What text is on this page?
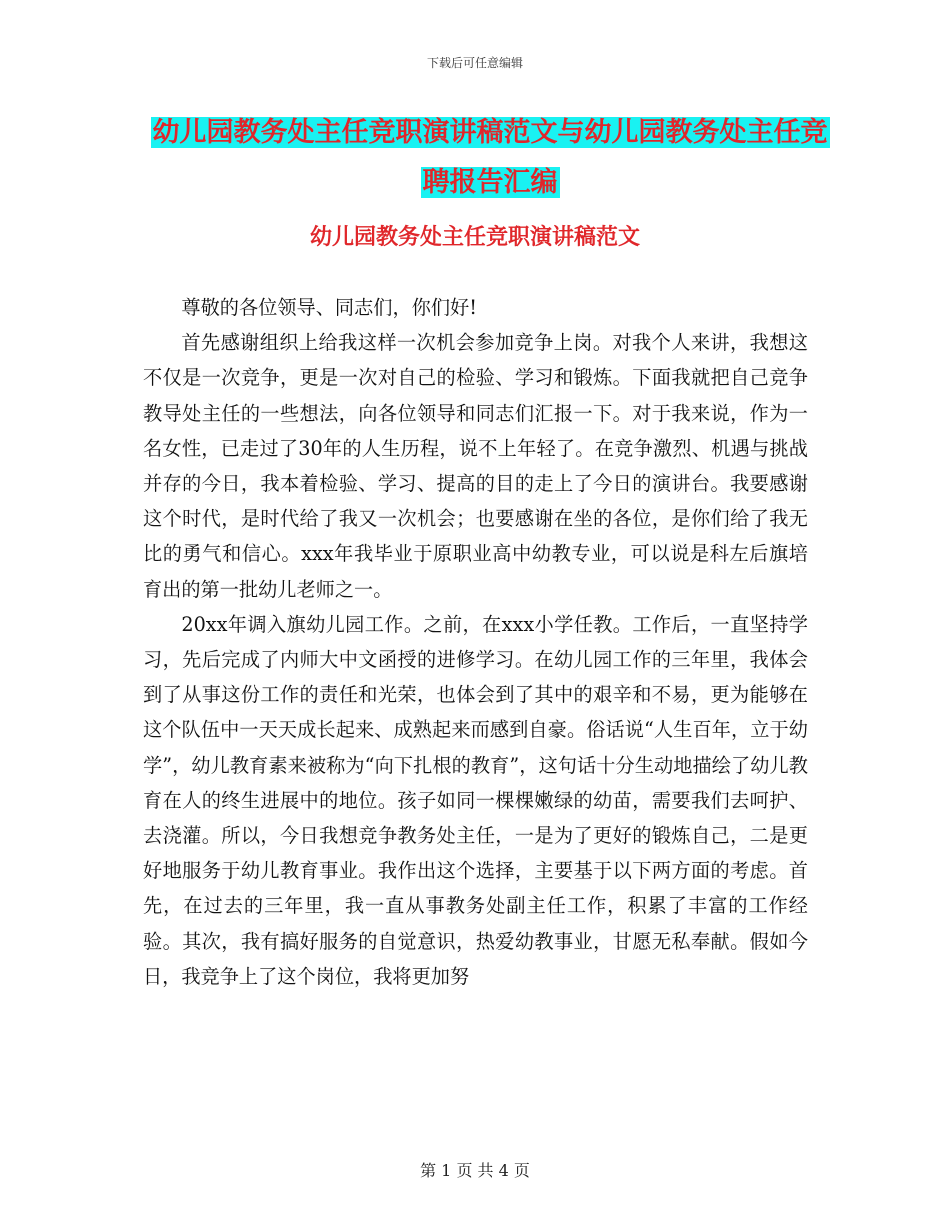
下载后可任意编辑
幼儿园教务处主任竞职演讲稿范文与幼儿园教务处主任竞聘报告汇编
幼儿园教务处主任竞职演讲稿范文

尊敬的各位领导、同志们，你们好!

首先感谢组织上给我这样一次机会参加竞争上岗。对我个人来讲，我想这不仅是一次竞争，更是一次对自己的检验、学习和锻炼。下面我就把自己竞争教导处主任的一些想法，向各位领导和同志们汇报一下。对于我来说，作为一名女性，已走过了30年的人生历程，说不上年轻了。在竞争激烈、机遇与挑战并存的今日，我本着检验、学习、提高的目的走上了今日的演讲台。我要感谢这个时代，是时代给了我又一次机会；也要感谢在坐的各位，是你们给了我无比的勇气和信心。xxx年我毕业于原职业高中幼教专业，可以说是科左后旗培育出的第一批幼儿老师之一。

20xx年调入旗幼儿园工作。之前，在xxx小学任教。工作后，一直坚持学习，先后完成了内师大中文函授的进修学习。在幼儿园工作的三年里，我体会到了从事这份工作的责任和光荣，也体会到了其中的艰辛和不易，更为能够在这个队伍中一天天成长起来、成熟起来而感到自豪。俗话说“人生百年，立于幼学”，幼儿教育素来被称为“向下扎根的教育”，这句话十分生动地描绘了幼儿教育在人的终生进展中的地位。孩子如同一棵棵嫩绿的幼苗，需要我们去呵护、去浇灌。所以，今日我想竞争教务处主任，一是为了更好的锻炼自己，二是更好地服务于幼儿教育事业。我作出这个选择，主要基于以下两方面的考虑。首先，在过去的三年里，我一直从事教务处副主任工作，积累了丰富的工作经验。其次，我有搞好服务的自觉意识，热爱幼教事业，甘愿无私奉献。假如今日，我竞争上了这个岗位，我将更加努

第 1 页 共 4 页
